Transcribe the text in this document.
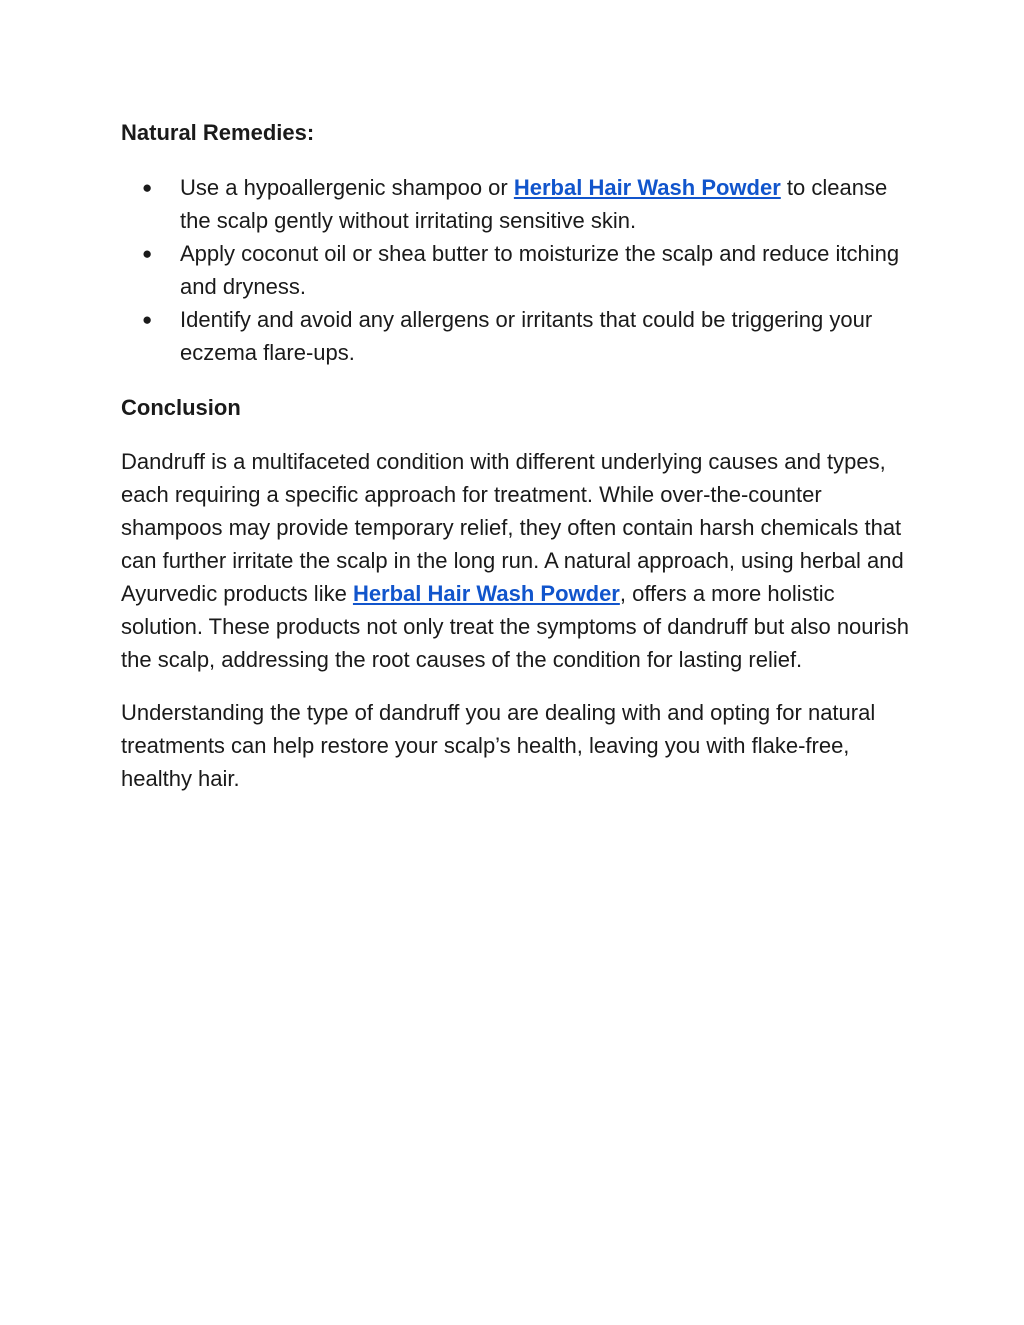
Natural Remedies:
● Use a hypoallergenic shampoo or Herbal Hair Wash Powder to cleanse the scalp gently without irritating sensitive skin.
● Apply coconut oil or shea butter to moisturize the scalp and reduce itching and dryness.
● Identify and avoid any allergens or irritants that could be triggering your eczema flare-ups.
Conclusion

Dandruff is a multifaceted condition with different underlying causes and types, each requiring a specific approach for treatment. While over-the-counter shampoos may provide temporary relief, they often contain harsh chemicals that can further irritate the scalp in the long run. A natural approach, using herbal and Ayurvedic products like Herbal Hair Wash Powder, offers a more holistic solution. These products not only treat the symptoms of dandruff but also nourish the scalp, addressing the root causes of the condition for lasting relief.

Understanding the type of dandruff you are dealing with and opting for natural treatments can help restore your scalp’s health, leaving you with flake-free, healthy hair.
